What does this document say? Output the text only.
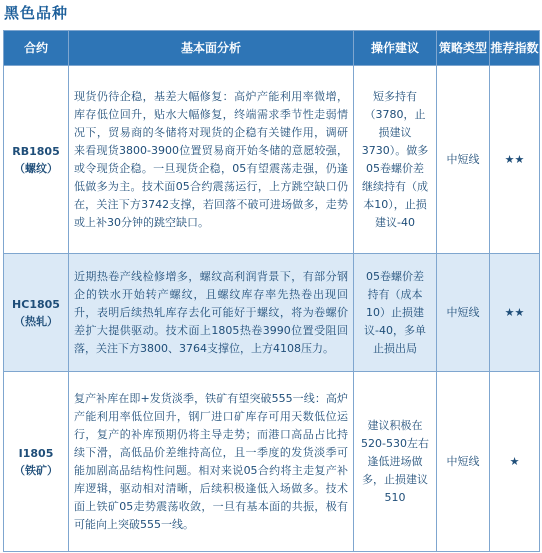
黑色品种
合约	基本面分析	操作建议	策略类型	推荐指数

RB1805
（螺纹）	现货仍待企稳，基差大幅修复：高炉产能利用率微增，库存低位回升，贴水大幅修复，终端需求季节性走弱情况下，贸易商的冬储将对现货的企稳有关键作用，调研来看现货3800-3900位置贸易商开始冬储的意愿较强，或令现货企稳。一旦现货企稳，05有望震荡走强，仍逢低做多为主。技术面05合约震荡运行，上方跳空缺口仍在，关注下方3742支撑，若回落不破可进场做多，走势或上补30分钟的跳空缺口。	短多持有（3780，止损建议3730）。做多05卷螺价差继续持有（成本10），止损建议-40	中短线	★★

HC1805
（热轧）	近期热卷产线检修增多，螺纹高利润背景下，有部分钢企的铁水开始转产螺纹，且螺纹库存率先热卷出现回升，表明后续热轧库存去化可能好于螺纹，将为卷螺价差扩大提供驱动。技术面上1805热卷3990位置受阻回落，关注下方3800、3764支撑位，上方4108压力。	05卷螺价差持有（成本10）止损建议-40，多单止损出局	中短线	★★

I1805
（铁矿）	复产补库在即+发货淡季，铁矿有望突破555一线：高炉产能利用率低位回升，钢厂进口矿库存可用天数低位运行，复产的补库预期仍将主导走势；而港口高品占比持续下滑，高低品价差维持高位，且一季度的发货淡季可能加剧高品结构性问题。相对来说05合约将主走复产补库逻辑，驱动相对清晰，后续积极逢低入场做多。技术面上铁矿05走势震荡收敛，一旦有基本面的共振，极有可能向上突破555一线。	建议积极在520-530左右逢低进场做多，止损建议510	中短线	★
